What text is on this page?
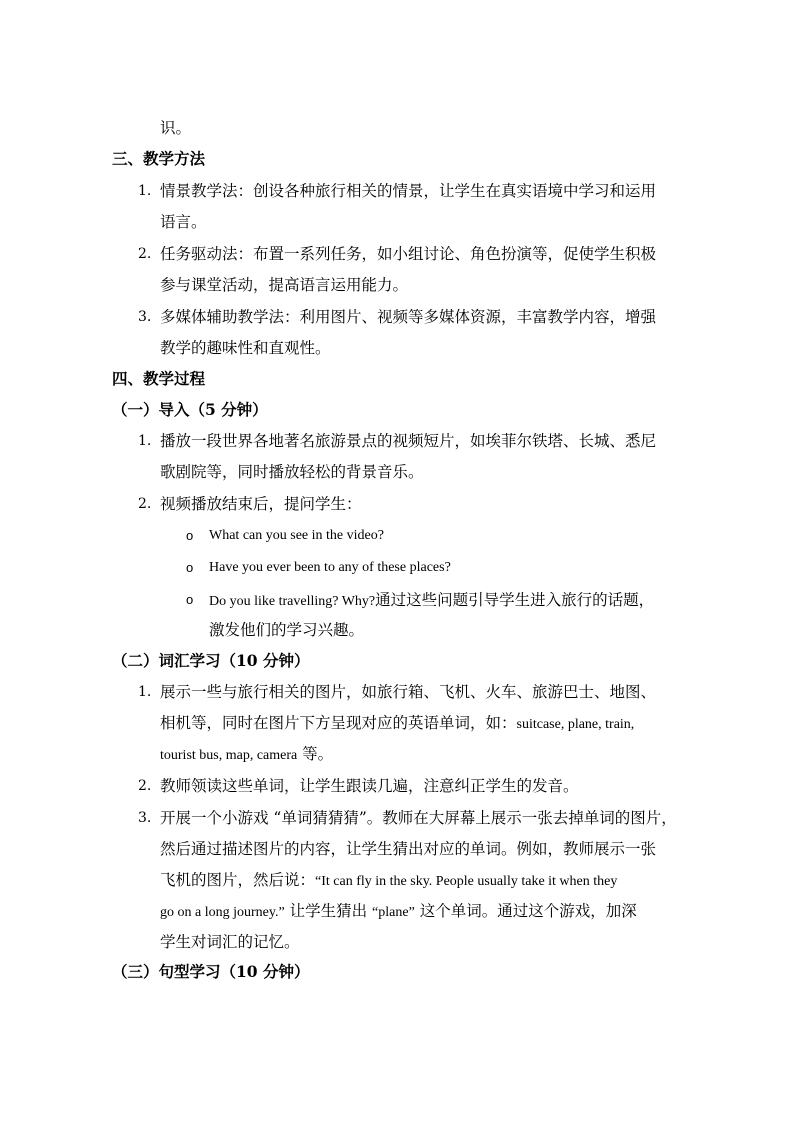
识。
三、教学方法
1. 情景教学法：创设各种旅行相关的情景，让学生在真实语境中学习和运用
语言。
2. 任务驱动法：布置一系列任务，如小组讨论、角色扮演等，促使学生积极
参与课堂活动，提高语言运用能力。
3. 多媒体辅助教学法：利用图片、视频等多媒体资源，丰富教学内容，增强
教学的趣味性和直观性。
四、教学过程
（一）导入（5 分钟）
1. 播放一段世界各地著名旅游景点的视频短片，如埃菲尔铁塔、长城、悉尼
歌剧院等，同时播放轻松的背景音乐。
2. 视频播放结束后，提问学生：
o What can you see in the video?
o Have you ever been to any of these places?
o Do you like travelling? Why?通过这些问题引导学生进入旅行的话题，
激发他们的学习兴趣。
（二）词汇学习（10 分钟）
1. 展示一些与旅行相关的图片，如旅行箱、飞机、火车、旅游巴士、地图、
相机等，同时在图片下方呈现对应的英语单词，如：suitcase, plane, train,
tourist bus, map, camera 等。
2. 教师领读这些单词，让学生跟读几遍，注意纠正学生的发音。
3. 开展一个小游戏 “单词猜猜猜”。教师在大屏幕上展示一张去掉单词的图片，
然后通过描述图片的内容，让学生猜出对应的单词。例如，教师展示一张
飞机的图片，然后说：“It can fly in the sky. People usually take it when they
go on a long journey.” 让学生猜出 “plane” 这个单词。通过这个游戏，加深
学生对词汇的记忆。
（三）句型学习（10 分钟）
